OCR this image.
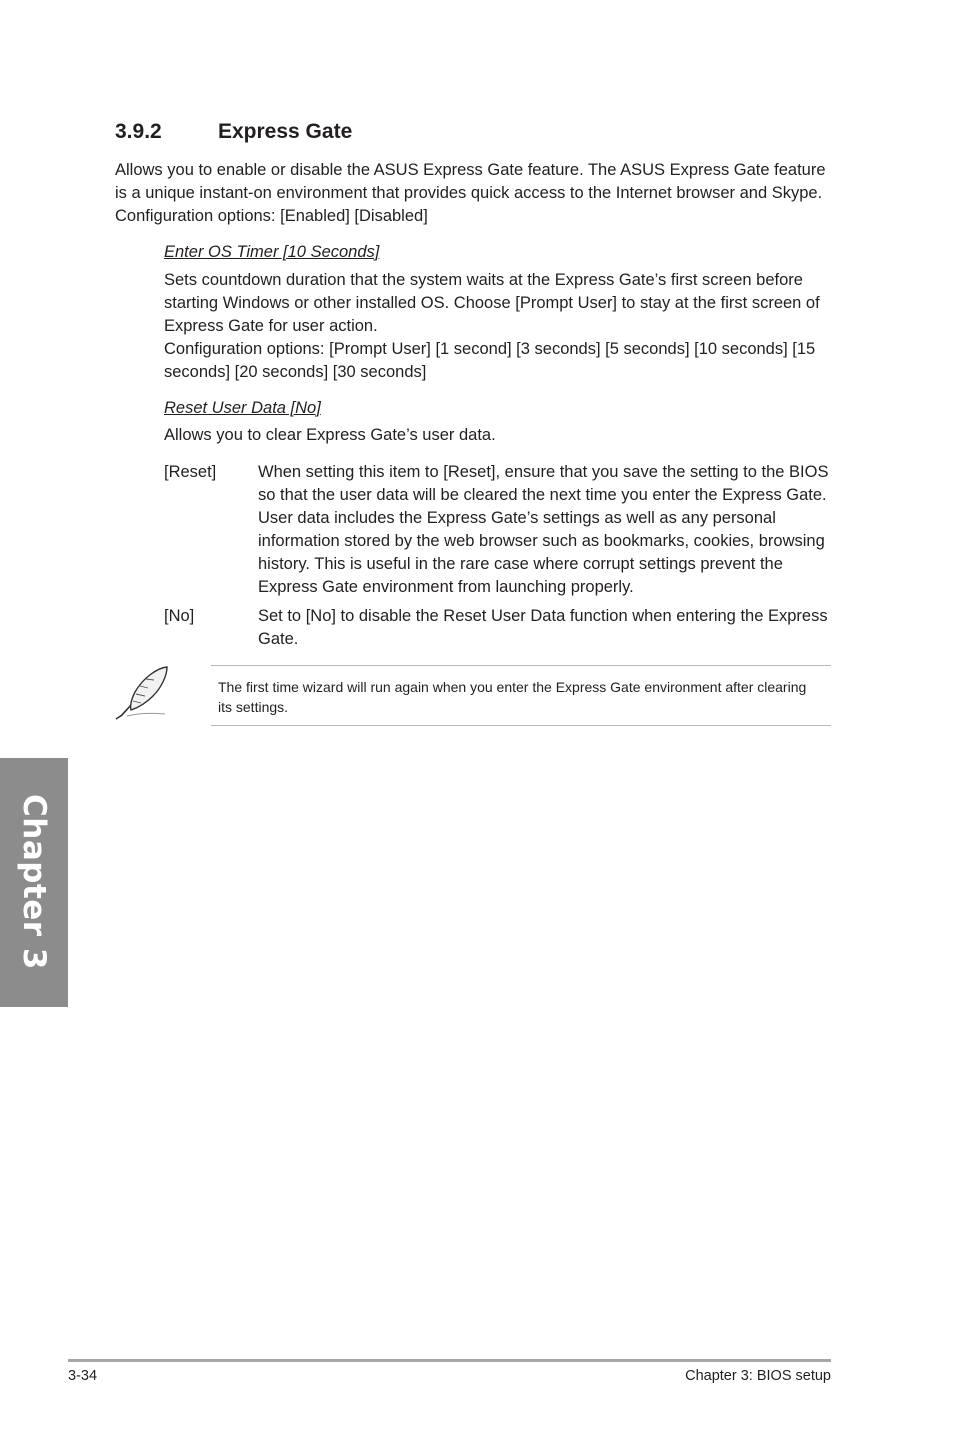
3.9.2	Express Gate

Allows you to enable or disable the ASUS Express Gate feature. The ASUS Express Gate feature is a unique instant-on environment that provides quick access to the Internet browser and Skype. Configuration options: [Enabled] [Disabled]

Enter OS Timer [10 Seconds]

Sets countdown duration that the system waits at the Express Gate’s first screen before starting Windows or other installed OS. Choose [Prompt User] to stay at the first screen of Express Gate for user action.

Configuration options: [Prompt User] [1 second] [3 seconds] [5 seconds] [10 seconds] [15 seconds] [20 seconds] [30 seconds]

Reset User Data [No]

Allows you to clear Express Gate’s user data.

[Reset]	When setting this item to [Reset], ensure that you save the setting to the BIOS so that the user data will be cleared the next time you enter the Express Gate. User data includes the Express Gate’s settings as well as any personal information stored by the web browser such as bookmarks, cookies, browsing history. This is useful in the rare case where corrupt settings prevent the Express Gate environment from launching properly.
[No]	Set to [No] to disable the Reset User Data function when entering the Express Gate.
The first time wizard will run again when you enter the Express Gate environment after clearing its settings.
Chapter 3
3-34	Chapter 3: BIOS setup
